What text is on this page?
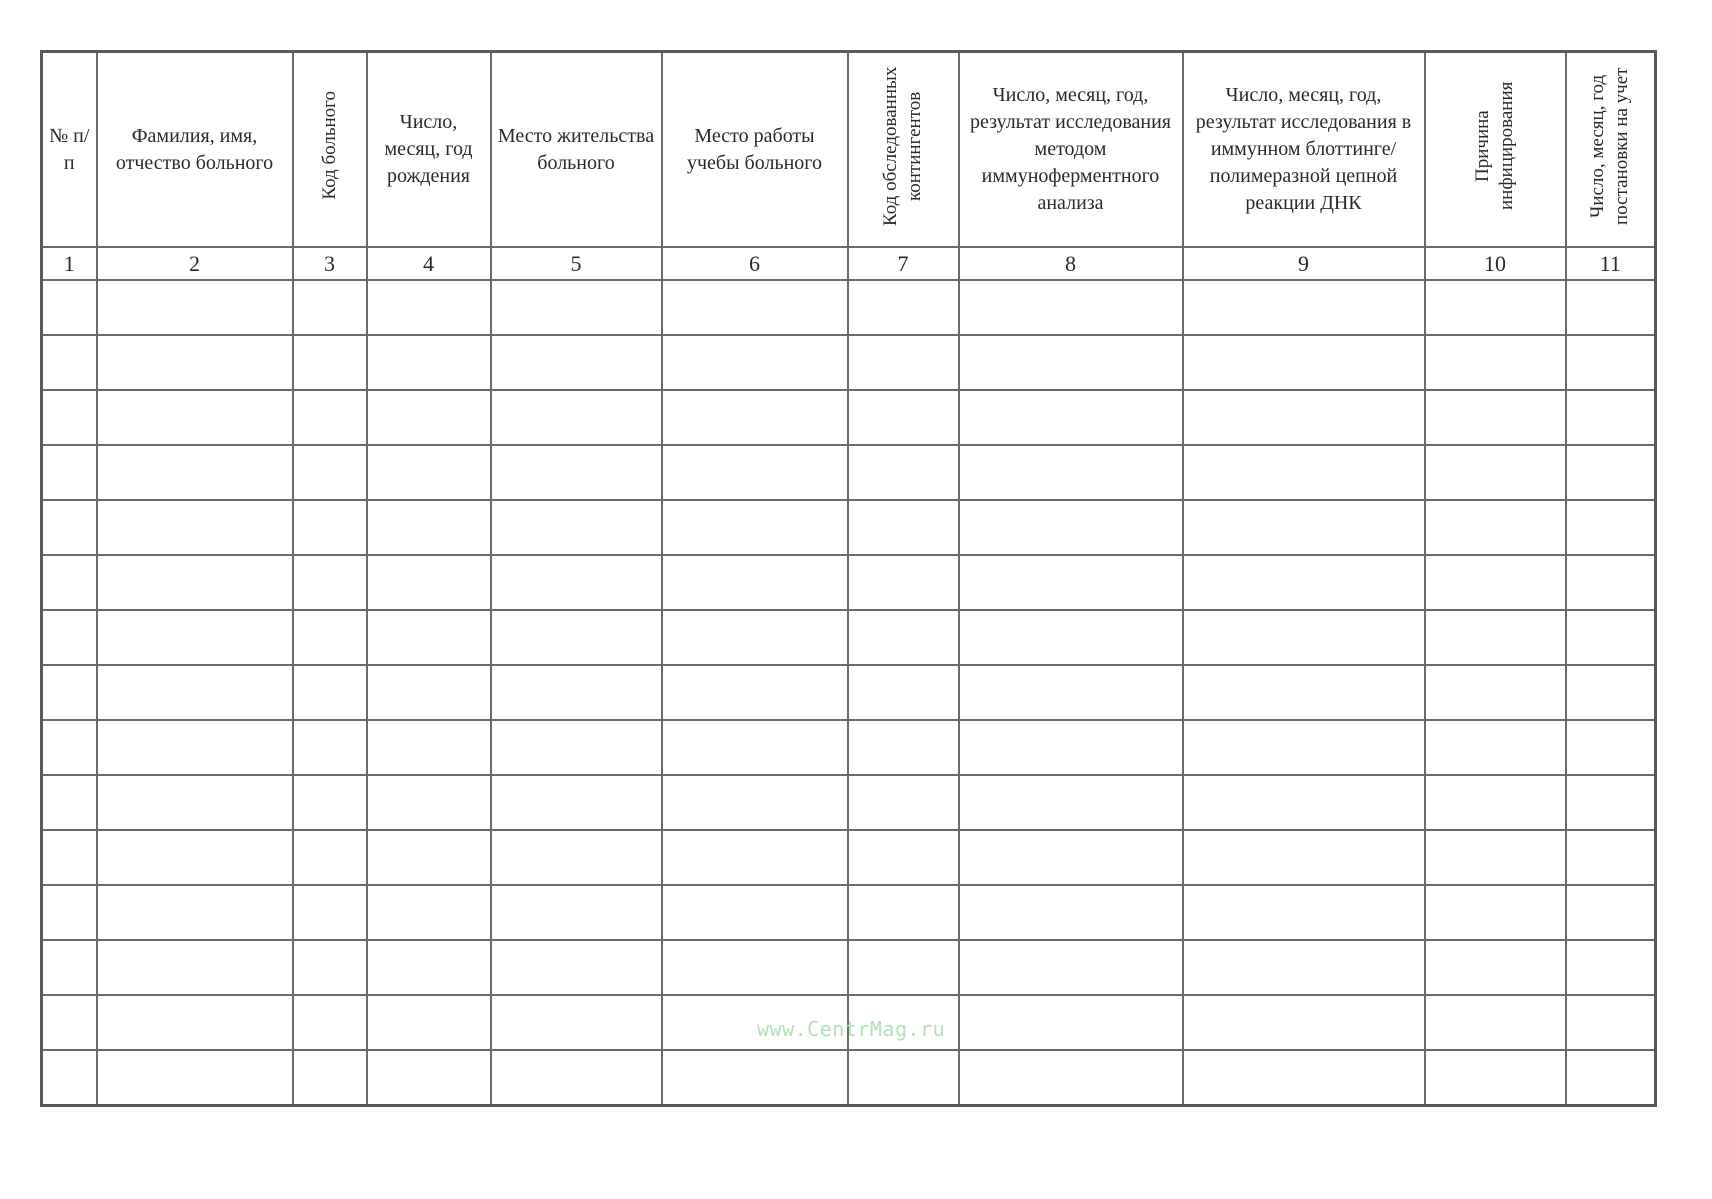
№ п/п	Фамилия, имя, отчество больного	Код больного	Число, месяц, год рождения	Место жительства больного	Место работы учебы больного	Код обследованных контингентов	Число, месяц, год, результат исследования методом иммуноферментного анализа	Число, месяц, год, результат исследования в иммунном блоттинге/ полимеразной цепной реакции ДНК	Причина инфицирования	Число, месяц, год постановки на учет
1	2	3	4	5	6	7	8	9	10	11

www.CentrMag.ru
